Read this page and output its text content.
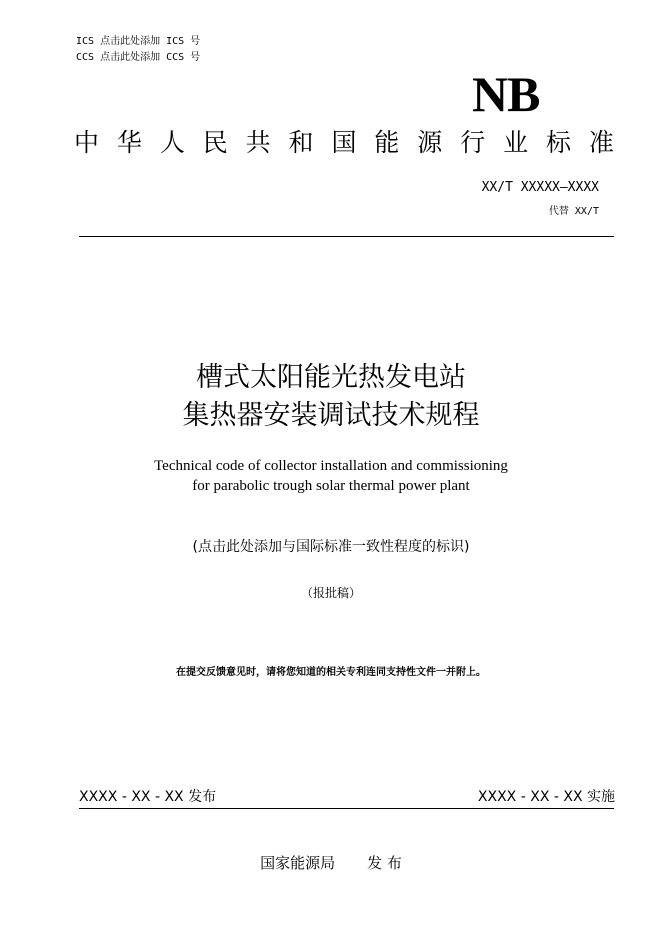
ICS 点击此处添加 ICS 号
CCS 点击此处添加 CCS 号
NB
中 华 人 民 共 和 国 能 源 行 业 标 准
XX/T XXXXX—XXXX
代替 XX/T
槽式太阳能光热发电站
集热器安装调试技术规程
Technical code of collector installation and commissioning
for parabolic trough solar thermal power plant
(点击此处添加与国际标准一致性程度的标识)
（报批稿）
在提交反馈意见时，请将您知道的相关专利连同支持性文件一并附上。
XXXX - XX - XX 发布	XXXX - XX - XX 实施
国家能源局 发 布
